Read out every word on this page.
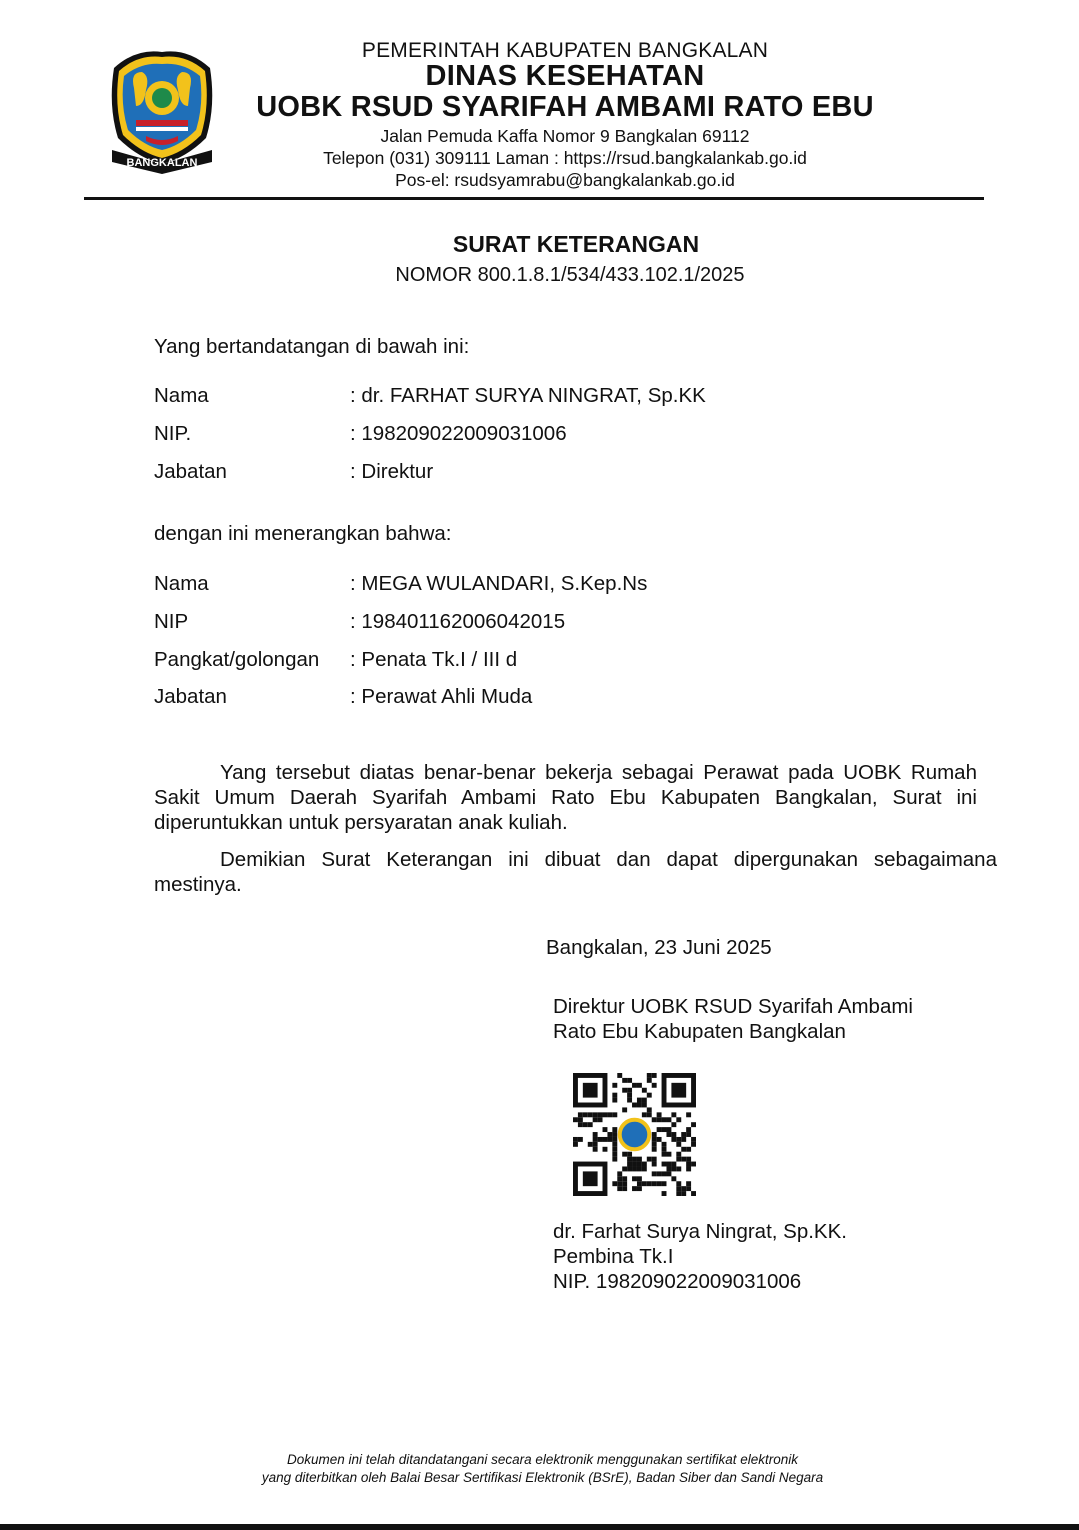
BANGKALAN
PEMERINTAH KABUPATEN BANGKALAN
DINAS KESEHATAN
UOBK RSUD SYARIFAH AMBAMI RATO EBU
Jalan Pemuda Kaffa Nomor 9 Bangkalan 69112
Telepon (031) 309111 Laman : https://rsud.bangkalankab.go.id
Pos-el: rsudsyamrabu@bangkalankab.go.id
SURAT KETERANGAN
NOMOR 800.1.8.1/534/433.102.1/2025
Yang bertandatangan di bawah ini:
Nama	: dr. FARHAT SURYA NINGRAT, Sp.KK
NIP.	: 198209022009031006
Jabatan	: Direktur
dengan ini menerangkan bahwa:
Nama	: MEGA WULANDARI, S.Kep.Ns
NIP	: 198401162006042015
Pangkat/golongan : Penata Tk.I / III d
Jabatan	: Perawat Ahli Muda
Yang tersebut diatas benar-benar bekerja sebagai Perawat pada UOBK Rumah Sakit Umum Daerah Syarifah Ambami Rato Ebu Kabupaten Bangkalan, Surat ini diperuntukkan untuk persyaratan anak kuliah.
Demikian Surat Keterangan ini dibuat dan dapat dipergunakan sebagaimana mestinya.
Bangkalan, 23 Juni 2025
Direktur UOBK RSUD Syarifah Ambami
Rato Ebu Kabupaten Bangkalan
dr. Farhat Surya Ningrat, Sp.KK.
Pembina Tk.I
NIP. 198209022009031006
Dokumen ini telah ditandatangani secara elektronik menggunakan sertifikat elektronik
yang diterbitkan oleh Balai Besar Sertifikasi Elektronik (BSrE), Badan Siber dan Sandi Negara
